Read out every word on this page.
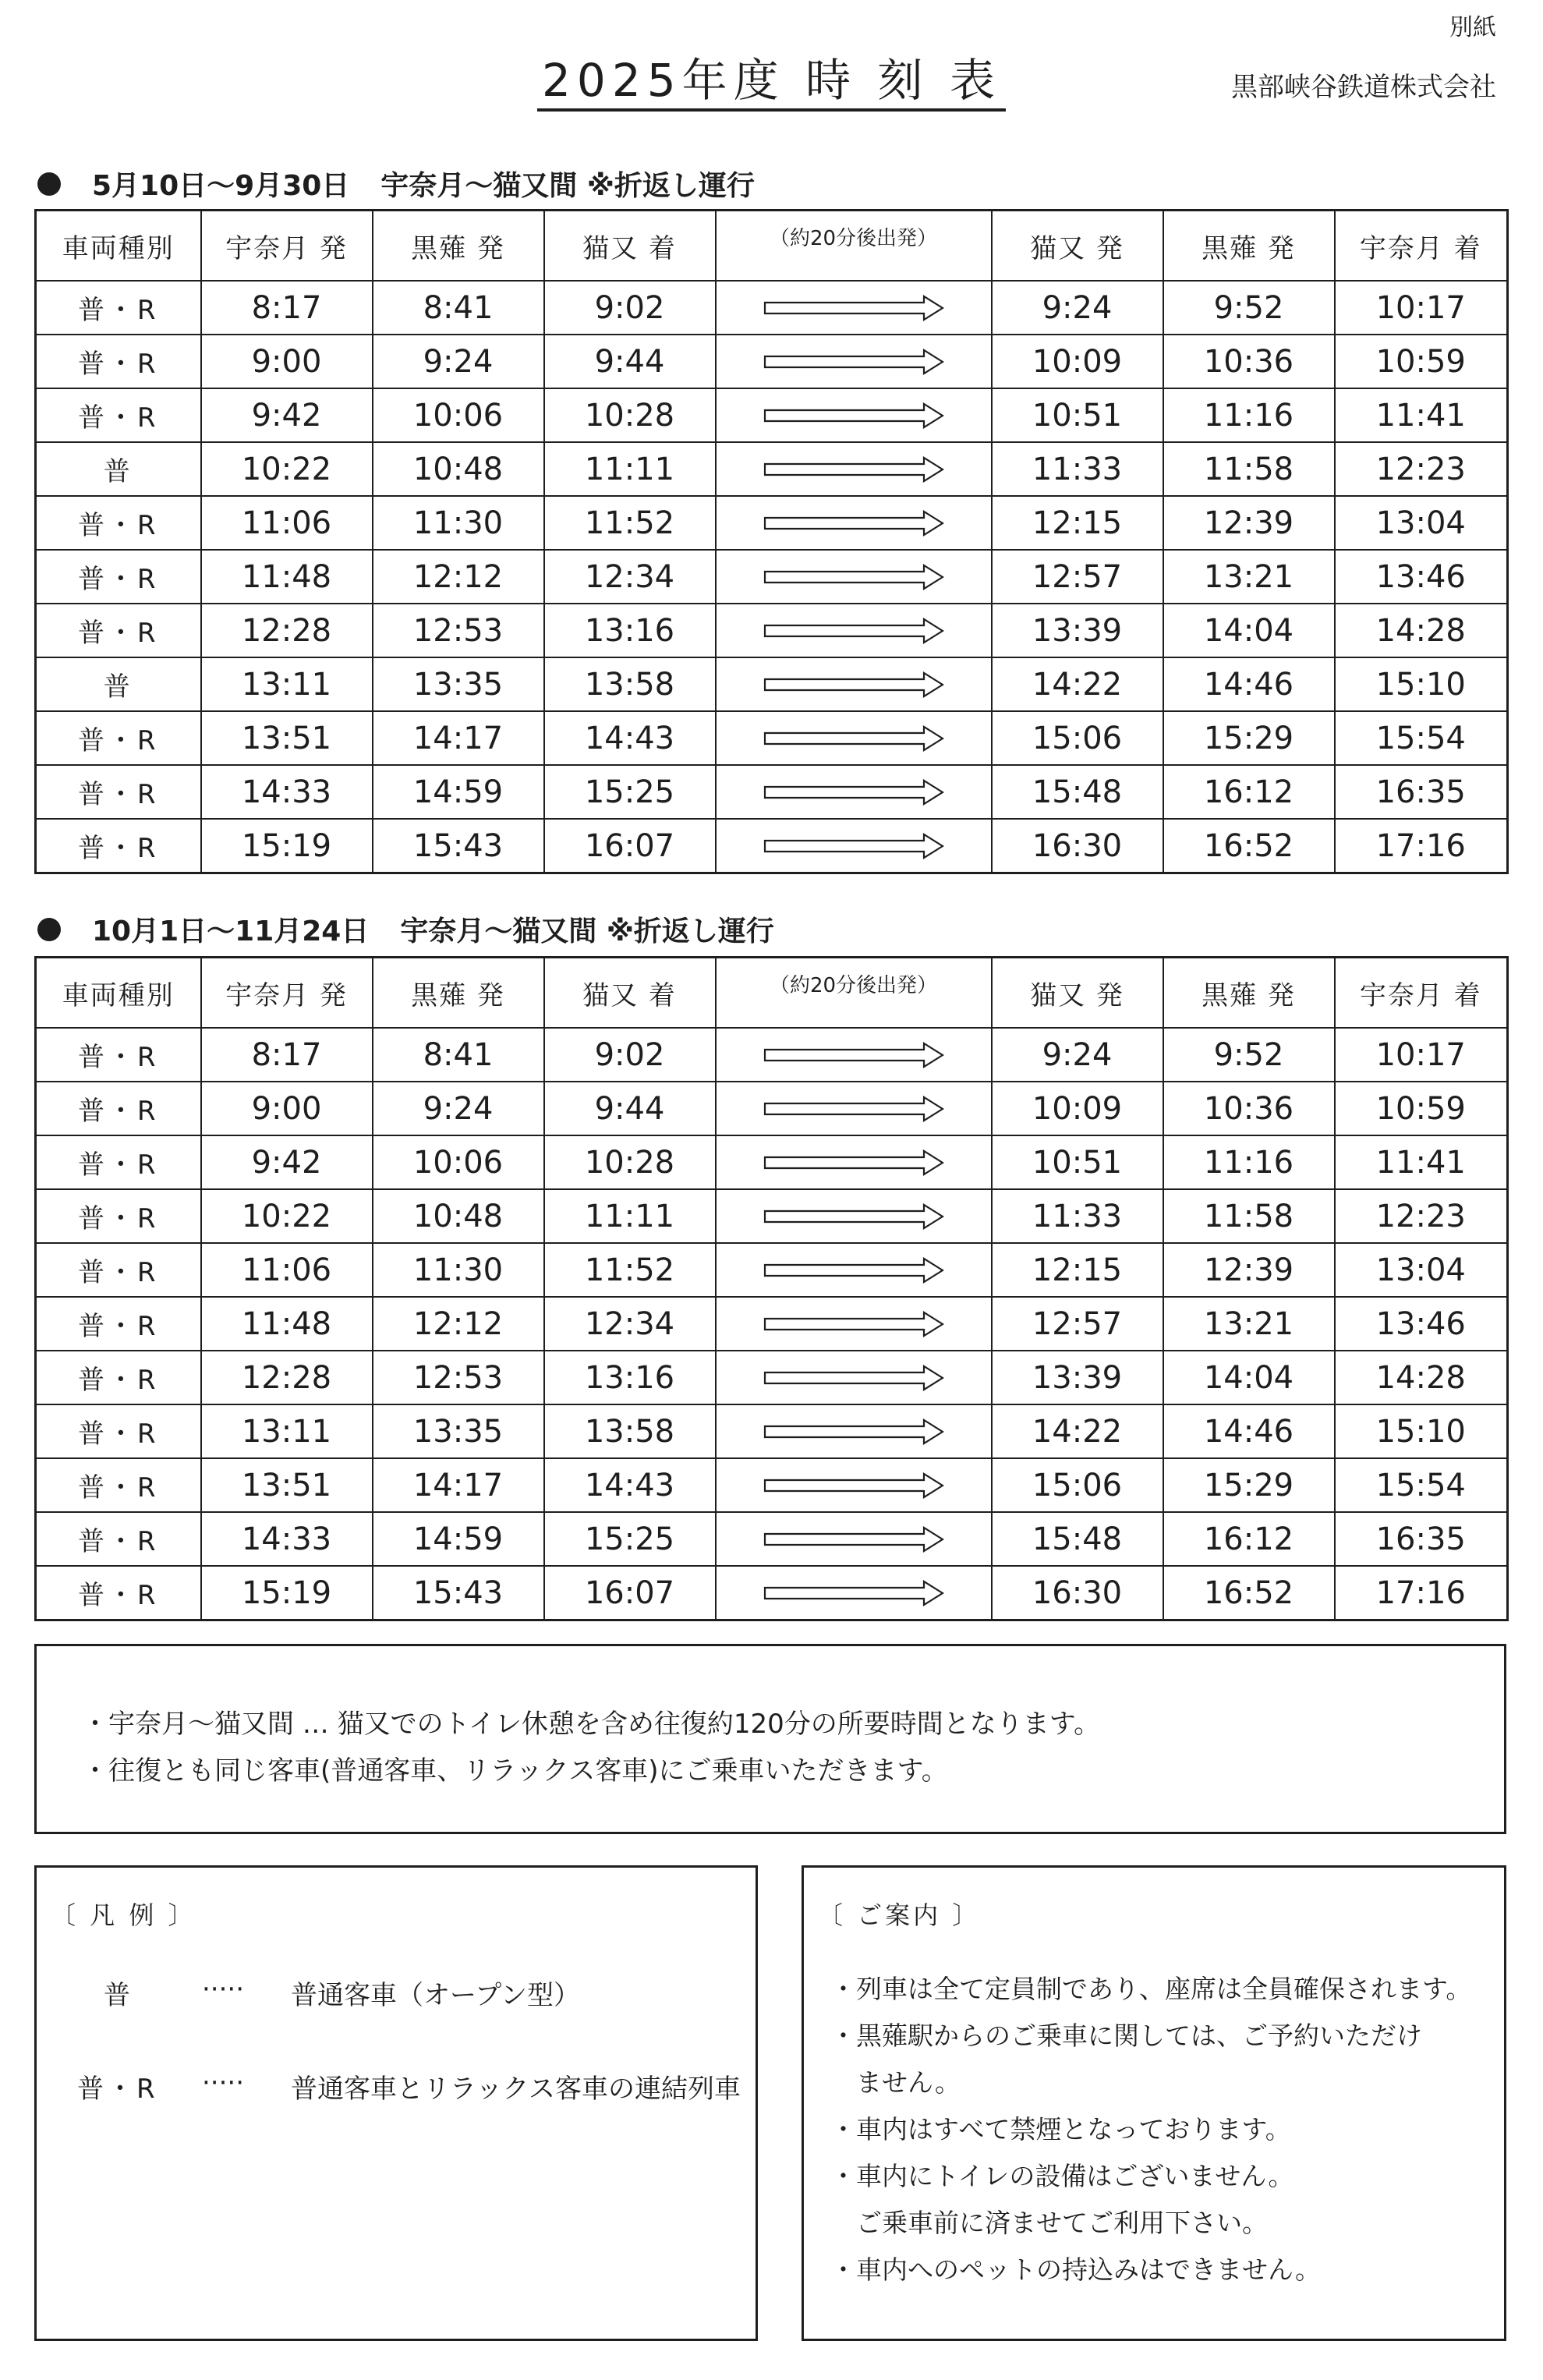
別紙
2025年度 時 刻 表	黒部峡谷鉄道株式会社
5月10日～9月30日 宇奈月～猫又間 ※折返し運行
車両種別	宇奈月 発	黒薙 発	猫又 着	（約20分後出発）	猫又 発	黒薙 発	宇奈月 着
普・R	8:17	8:41	9:02		9:24	9:52	10:17
普・R	9:00	9:24	9:44		10:09	10:36	10:59
普・R	9:42	10:06	10:28		10:51	11:16	11:41
普	10:22	10:48	11:11		11:33	11:58	12:23
普・R	11:06	11:30	11:52		12:15	12:39	13:04
普・R	11:48	12:12	12:34		12:57	13:21	13:46
普・R	12:28	12:53	13:16		13:39	14:04	14:28
普	13:11	13:35	13:58		14:22	14:46	15:10
普・R	13:51	14:17	14:43		15:06	15:29	15:54
普・R	14:33	14:59	15:25		15:48	16:12	16:35
普・R	15:19	15:43	16:07		16:30	16:52	17:16
10月1日～11月24日 宇奈月～猫又間 ※折返し運行
車両種別	宇奈月 発	黒薙 発	猫又 着	（約20分後出発）	猫又 発	黒薙 発	宇奈月 着
普・R	8:17	8:41	9:02		9:24	9:52	10:17
普・R	9:00	9:24	9:44		10:09	10:36	10:59
普・R	9:42	10:06	10:28		10:51	11:16	11:41
普・R	10:22	10:48	11:11		11:33	11:58	12:23
普・R	11:06	11:30	11:52		12:15	12:39	13:04
普・R	11:48	12:12	12:34		12:57	13:21	13:46
普・R	12:28	12:53	13:16		13:39	14:04	14:28
普・R	13:11	13:35	13:58		14:22	14:46	15:10
普・R	13:51	14:17	14:43		15:06	15:29	15:54
普・R	14:33	14:59	15:25		15:48	16:12	16:35
普・R	15:19	15:43	16:07		16:30	16:52	17:16
・宇奈月～猫又間 … 猫又でのトイレ休憩を含め往復約120分の所要時間となります。
・往復とも同じ客車(普通客車、リラックス客車)にご乗車いただきます。
〔 凡 例 〕
普	····· 普通客車（オープン型）
普・R ····· 普通客車とリラックス客車の連結列車
〔 ご案内 〕
・列車は全て定員制であり、座席は全員確保されます。
・黒薙駅からのご乗車に関しては、ご予約いただけ
　ません。
・車内はすべて禁煙となっております。
・車内にトイレの設備はございません。
　ご乗車前に済ませてご利用下さい。
・車内へのペットの持込みはできません。
